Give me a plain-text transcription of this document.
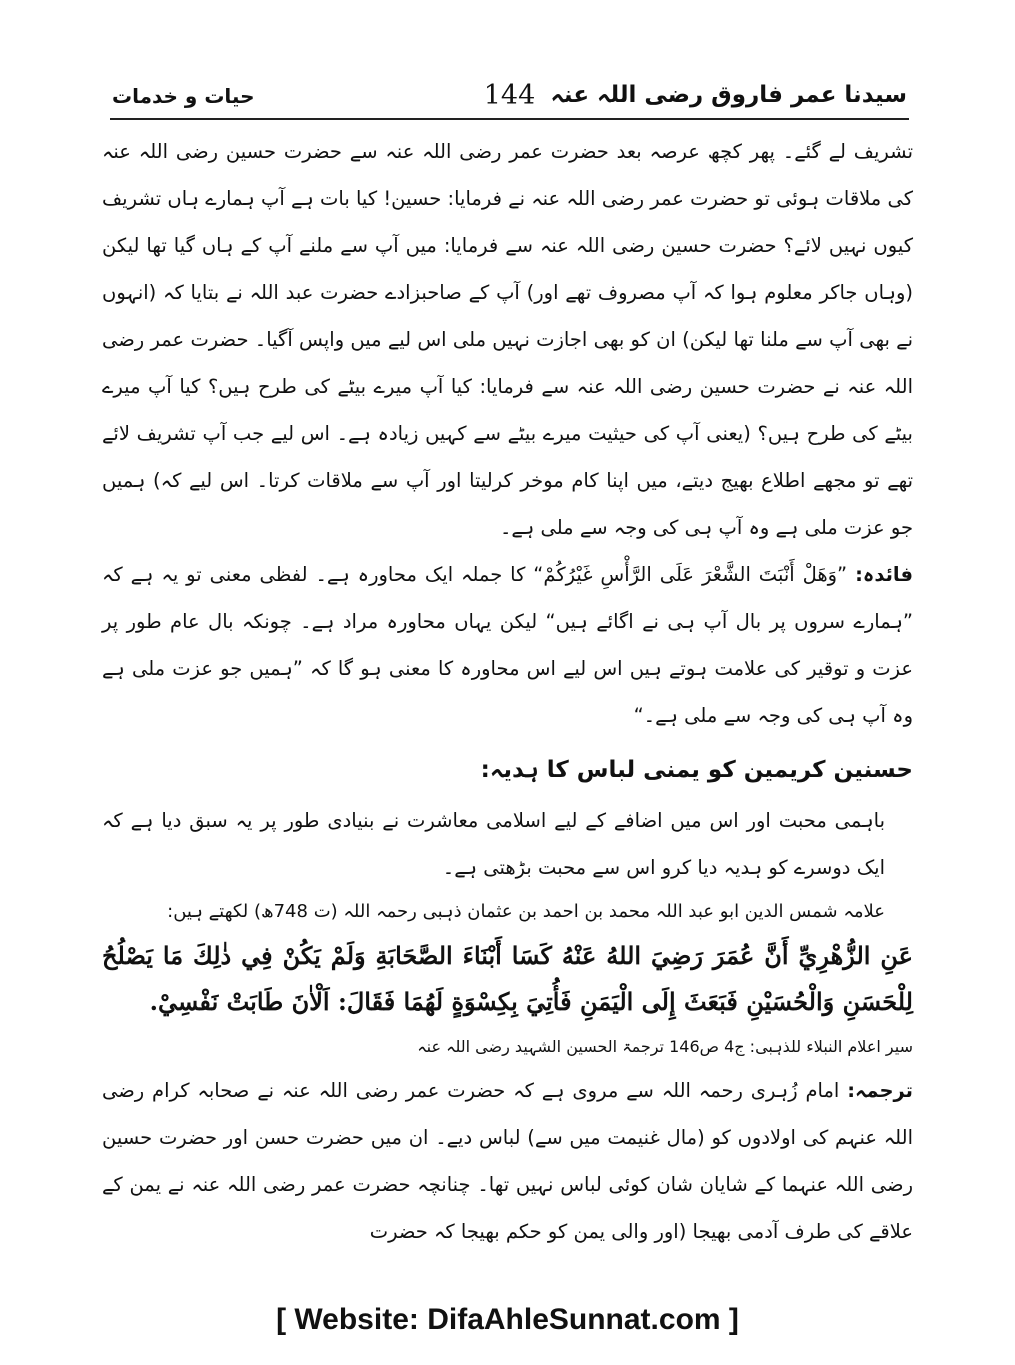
سیدنا عمر فاروق رضی اللہ عنہ
144
حیات و خدمات

تشریف لے گئے۔ پھر کچھ عرصہ بعد حضرت عمر رضی اللہ عنہ سے حضرت حسین رضی اللہ عنہ کی ملاقات ہوئی تو حضرت عمر رضی اللہ عنہ نے فرمایا: حسین! کیا بات ہے آپ ہمارے ہاں تشریف کیوں نہیں لائے؟ حضرت حسین رضی اللہ عنہ سے فرمایا: میں آپ سے ملنے آپ کے ہاں گیا تھا لیکن (وہاں جاکر معلوم ہوا کہ آپ مصروف تھے اور) آپ کے صاحبزادے حضرت عبد اللہ نے بتایا کہ (انہوں نے بھی آپ سے ملنا تھا لیکن) ان کو بھی اجازت نہیں ملی اس لیے میں واپس آگیا۔ حضرت عمر رضی اللہ عنہ نے حضرت حسین رضی اللہ عنہ سے فرمایا: کیا آپ میرے بیٹے کی طرح ہیں؟ کیا آپ میرے بیٹے کی طرح ہیں؟ (یعنی آپ کی حیثیت میرے بیٹے سے کہیں زیادہ ہے۔ اس لیے جب آپ تشریف لائے تھے تو مجھے اطلاع بھیج دیتے، میں اپنا کام موخر کرلیتا اور آپ سے ملاقات کرتا۔ اس لیے کہ) ہمیں جو عزت ملی ہے وہ آپ ہی کی وجہ سے ملی ہے۔

فائدہ: ”وَهَلْ أَنْبَتَ الشَّعْرَ عَلَى الرَّأْسِ غَيْرُكُمْ“ کا جملہ ایک محاورہ ہے۔ لفظی معنی تو یہ ہے کہ ”ہمارے سروں پر بال آپ ہی نے اگائے ہیں“ لیکن یہاں محاورہ مراد ہے۔ چونکہ بال عام طور پر عزت و توقیر کی علامت ہوتے ہیں اس لیے اس محاورہ کا معنی ہو گا کہ ”ہمیں جو عزت ملی ہے وہ آپ ہی کی وجہ سے ملی ہے۔“

حسنین کریمین کو یمنی لباس کا ہدیہ:

باہمی محبت اور اس میں اضافے کے لیے اسلامی معاشرت نے بنیادی طور پر یہ سبق دیا ہے کہ ایک دوسرے کو ہدیہ دیا کرو اس سے محبت بڑھتی ہے۔

علامہ شمس الدین ابو عبد اللہ محمد بن احمد بن عثمان ذہبی رحمہ اللہ (ت 748ھ) لکھتے ہیں:

عَنِ الزُّهْرِيِّ أَنَّ عُمَرَ رَضِيَ اللهُ عَنْهُ كَسَا أَبْنَاءَ الصَّحَابَةِ وَلَمْ يَكُنْ فِي ذٰلِكَ مَا يَصْلُحُ لِلْحَسَنِ وَالْحُسَيْنِ فَبَعَثَ إِلَى الْيَمَنِ فَأُتِيَ بِكِسْوَةٍ لَهُمَا فَقَالَ: اَلْاٰنَ طَابَتْ نَفْسِيْ.

سیر اعلام النبلاء للذہبی: ج4 ص146 ترجمۃ الحسین الشہید رضی اللہ عنہ

ترجمہ: امام زُہری رحمہ اللہ سے مروی ہے کہ حضرت عمر رضی اللہ عنہ نے صحابہ کرام رضی اللہ عنہم کی اولادوں کو (مال غنیمت میں سے) لباس دیے۔ ان میں حضرت حسن اور حضرت حسین رضی اللہ عنہما کے شایان شان کوئی لباس نہیں تھا۔ چنانچہ حضرت عمر رضی اللہ عنہ نے یمن کے علاقے کی طرف آدمی بھیجا (اور والی یمن کو حکم بھیجا کہ حضرت

[ Website: DifaAhleSunnat.com ]
